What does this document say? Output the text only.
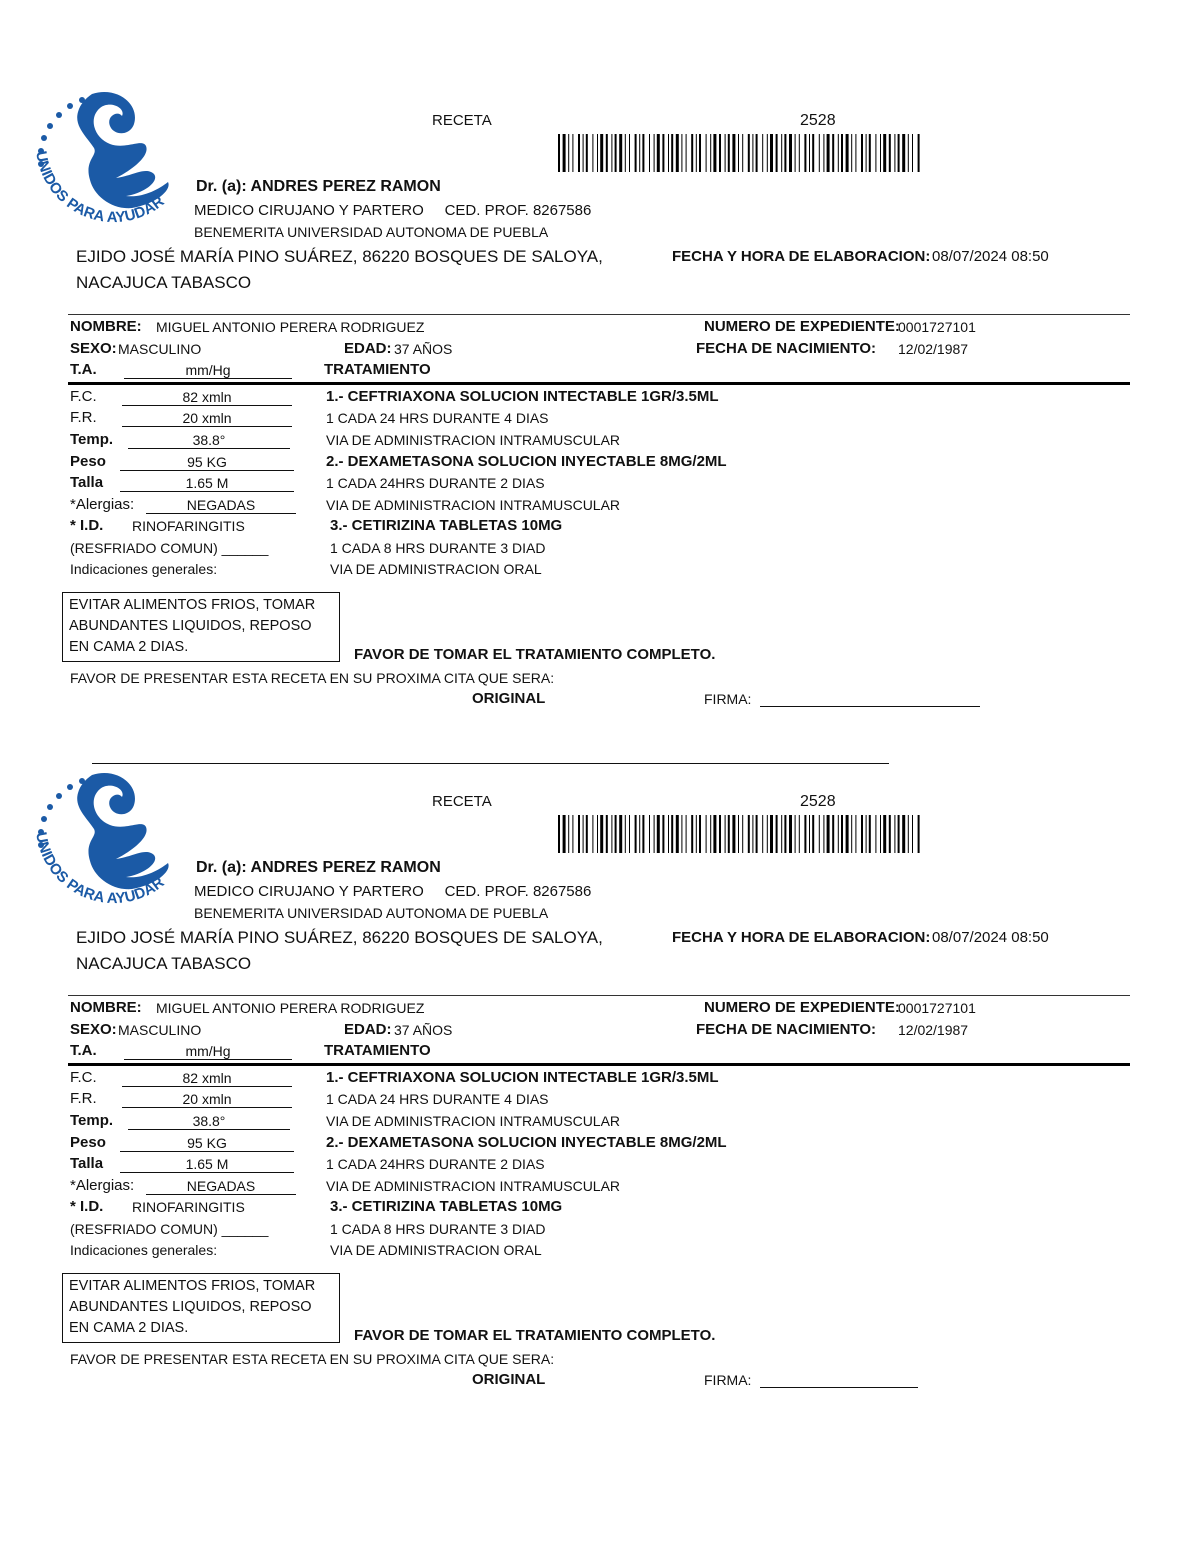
UNIDOS PARA AYUDAR
RECETA	2528
Dr. (a): ANDRES PEREZ RAMON
MEDICO CIRUJANO Y PARTERO     CED. PROF. 8267586
BENEMERITA UNIVERSIDAD AUTONOMA DE PUEBLA
EJIDO JOSÉ MARÍA PINO SUÁREZ, 86220 BOSQUES DE SALOYA,
NACAJUCA TABASCO
FECHA Y HORA DE ELABORACION: 08/07/2024 08:50
NOMBRE: MIGUEL ANTONIO PERERA RODRIGUEZ	NUMERO DE EXPEDIENTE:
0001727101
SEXO: MASCULINO	EDAD: 37 AÑOS	FECHA DE NACIMIENTO: 12/02/1987
T.A.	mm/Hg
F.C.	82 xmln
F.R.	20 xmln
Temp.	38.8°
Peso	95 KG
Talla	1.65 M
*Alergias:	NEGADAS
* I.D. RINOFARINGITIS
(RESFRIADO COMUN) ______
Indicaciones generales:
TRATAMIENTO
1.- CEFTRIAXONA SOLUCION INTECTABLE 1GR/3.5ML
1 CADA 24 HRS DURANTE 4 DIAS
VIA DE ADMINISTRACION INTRAMUSCULAR
2.- DEXAMETASONA SOLUCION INYECTABLE 8MG/2ML
1 CADA 24HRS DURANTE 2 DIAS
VIA DE ADMINISTRACION INTRAMUSCULAR
3.- CETIRIZINA TABLETAS 10MG
1 CADA 8 HRS DURANTE 3 DIAD
VIA DE ADMINISTRACION ORAL
EVITAR ALIMENTOS FRIOS, TOMAR ABUNDANTES LIQUIDOS, REPOSO EN CAMA 2 DIAS.	FAVOR DE TOMAR EL TRATAMIENTO COMPLETO.
FAVOR DE PRESENTAR ESTA RECETA EN SU PROXIMA CITA QUE SERA:
ORIGINAL	FIRMA:
UNIDOS PARA AYUDAR
RECETA	2528
Dr. (a): ANDRES PEREZ RAMON
MEDICO CIRUJANO Y PARTERO     CED. PROF. 8267586
BENEMERITA UNIVERSIDAD AUTONOMA DE PUEBLA
EJIDO JOSÉ MARÍA PINO SUÁREZ, 86220 BOSQUES DE SALOYA,
NACAJUCA TABASCO
FECHA Y HORA DE ELABORACION: 08/07/2024 08:50
NOMBRE: MIGUEL ANTONIO PERERA RODRIGUEZ	NUMERO DE EXPEDIENTE:
0001727101
SEXO: MASCULINO	EDAD: 37 AÑOS	FECHA DE NACIMIENTO: 12/02/1987
T.A.	mm/Hg
F.C.	82 xmln
F.R.	20 xmln
Temp.	38.8°
Peso	95 KG
Talla	1.65 M
*Alergias:	NEGADAS
* I.D. RINOFARINGITIS
(RESFRIADO COMUN) ______
Indicaciones generales:
TRATAMIENTO
1.- CEFTRIAXONA SOLUCION INTECTABLE 1GR/3.5ML
1 CADA 24 HRS DURANTE 4 DIAS
VIA DE ADMINISTRACION INTRAMUSCULAR
2.- DEXAMETASONA SOLUCION INYECTABLE 8MG/2ML
1 CADA 24HRS DURANTE 2 DIAS
VIA DE ADMINISTRACION INTRAMUSCULAR
3.- CETIRIZINA TABLETAS 10MG
1 CADA 8 HRS DURANTE 3 DIAD
VIA DE ADMINISTRACION ORAL
EVITAR ALIMENTOS FRIOS, TOMAR ABUNDANTES LIQUIDOS, REPOSO EN CAMA 2 DIAS.	FAVOR DE TOMAR EL TRATAMIENTO COMPLETO.
FAVOR DE PRESENTAR ESTA RECETA EN SU PROXIMA CITA QUE SERA:
ORIGINAL	FIRMA:
